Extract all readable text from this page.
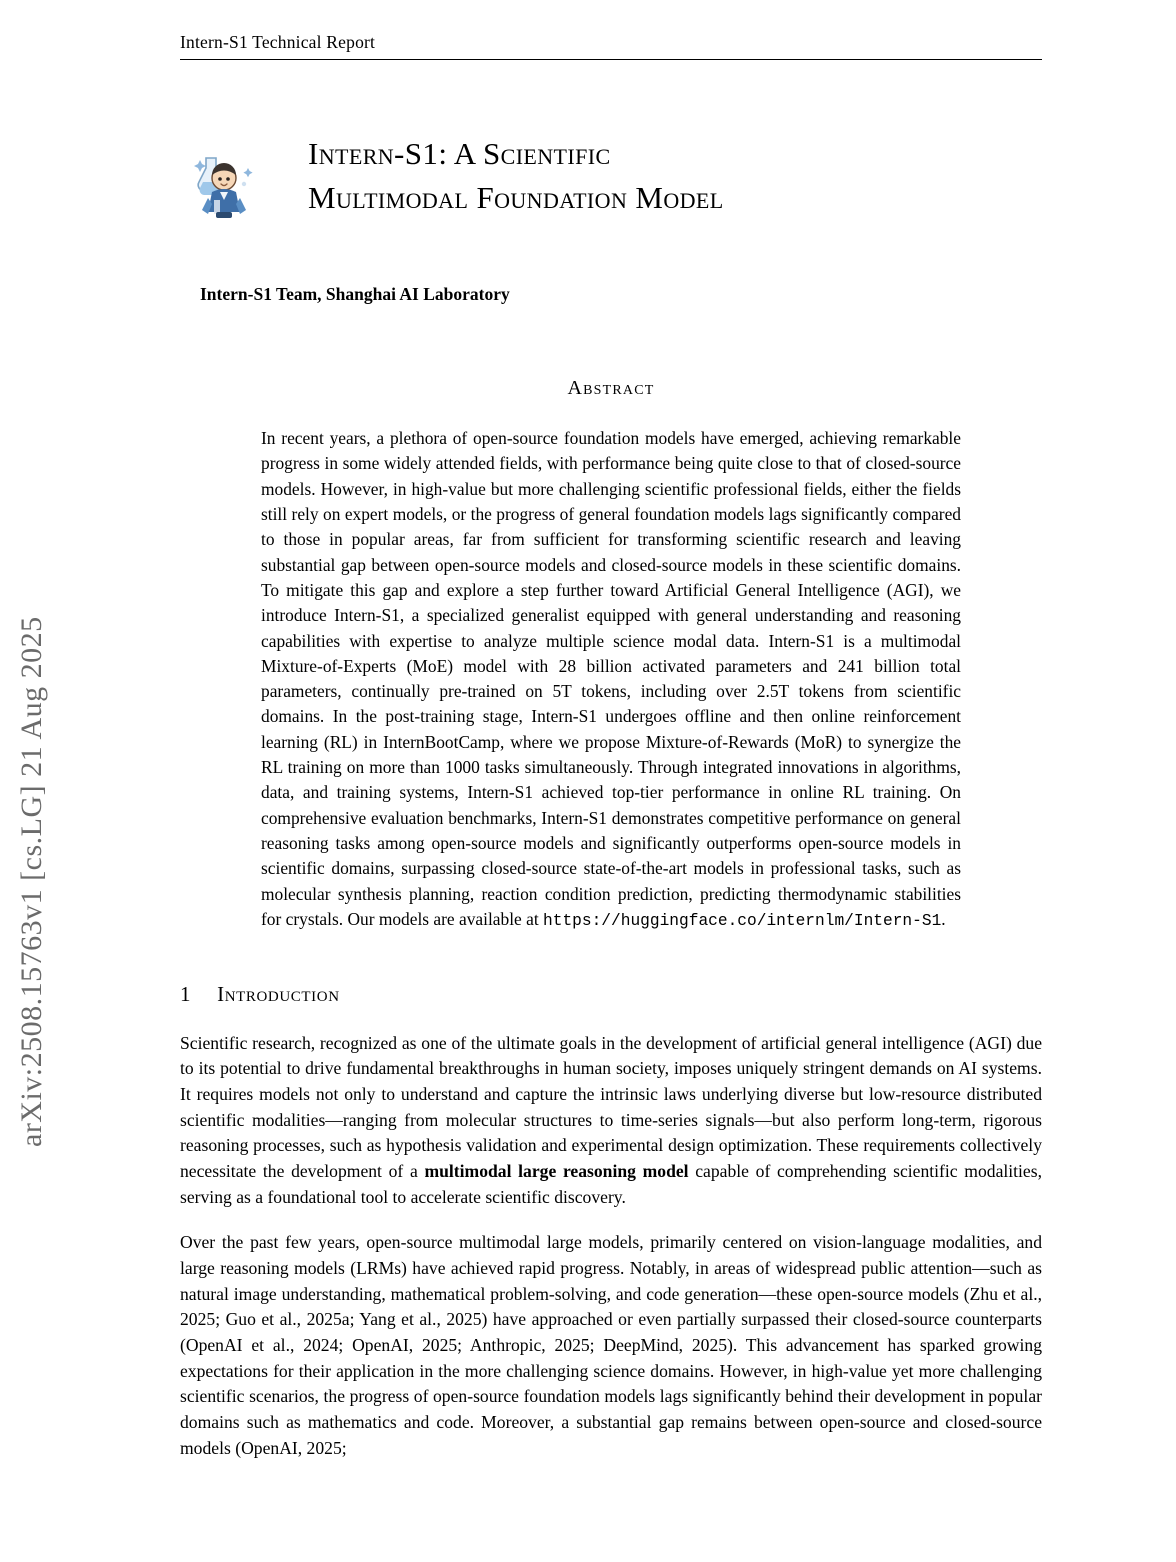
arXiv:2508.15763v1 [cs.LG] 21 Aug 2025
Intern-S1 Technical Report
Intern-S1: A Scientific
Multimodal Foundation Model
Intern-S1 Team, Shanghai AI Laboratory
Abstract
In recent years, a plethora of open-source foundation models have emerged, achieving remarkable progress in some widely attended fields, with performance being quite close to that of closed-source models. However, in high-value but more challenging scientific professional fields, either the fields still rely on expert models, or the progress of general foundation models lags significantly compared to those in popular areas, far from sufficient for transforming scientific research and leaving substantial gap between open-source models and closed-source models in these scientific domains. To mitigate this gap and explore a step further toward Artificial General Intelligence (AGI), we introduce Intern-S1, a specialized generalist equipped with general understanding and reasoning capabilities with expertise to analyze multiple science modal data. Intern-S1 is a multimodal Mixture-of-Experts (MoE) model with 28 billion activated parameters and 241 billion total parameters, continually pre-trained on 5T tokens, including over 2.5T tokens from scientific domains. In the post-training stage, Intern-S1 undergoes offline and then online reinforcement learning (RL) in InternBootCamp, where we propose Mixture-of-Rewards (MoR) to synergize the RL training on more than 1000 tasks simultaneously. Through integrated innovations in algorithms, data, and training systems, Intern-S1 achieved top-tier performance in online RL training. On comprehensive evaluation benchmarks, Intern-S1 demonstrates competitive performance on general reasoning tasks among open-source models and significantly outperforms open-source models in scientific domains, surpassing closed-source state-of-the-art models in professional tasks, such as molecular synthesis planning, reaction condition prediction, predicting thermodynamic stabilities for crystals. Our models are available at https://huggingface.co/internlm/Intern-S1.
1 Introduction
Scientific research, recognized as one of the ultimate goals in the development of artificial general intelligence (AGI) due to its potential to drive fundamental breakthroughs in human society, imposes uniquely stringent demands on AI systems. It requires models not only to understand and capture the intrinsic laws underlying diverse but low-resource distributed scientific modalities—ranging from molecular structures to time-series signals—but also perform long-term, rigorous reasoning processes, such as hypothesis validation and experimental design optimization. These requirements collectively necessitate the development of a multimodal large reasoning model capable of comprehending scientific modalities, serving as a foundational tool to accelerate scientific discovery.
Over the past few years, open-source multimodal large models, primarily centered on vision-language modalities, and large reasoning models (LRMs) have achieved rapid progress. Notably, in areas of widespread public attention—such as natural image understanding, mathematical problem-solving, and code generation—these open-source models (Zhu et al., 2025; Guo et al., 2025a; Yang et al., 2025) have approached or even partially surpassed their closed-source counterparts (OpenAI et al., 2024; OpenAI, 2025; Anthropic, 2025; DeepMind, 2025). This advancement has sparked growing expectations for their application in the more challenging science domains. However, in high-value yet more challenging scientific scenarios, the progress of open-source foundation models lags significantly behind their development in popular domains such as mathematics and code. Moreover, a substantial gap remains between open-source and closed-source models (OpenAI, 2025;
